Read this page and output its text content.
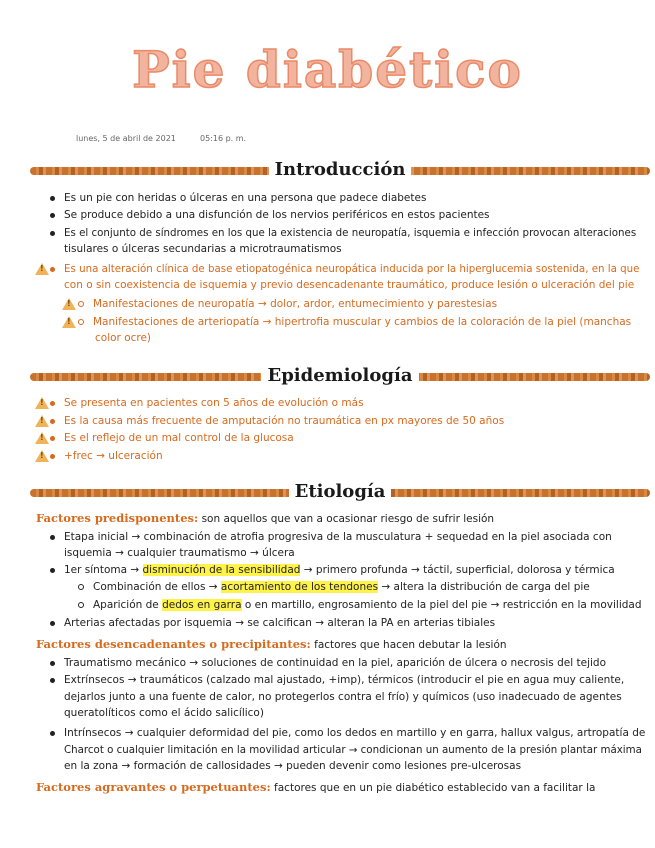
Pie diabético
lunes, 5 de abril de 2021	05:16 p. m.
Introducción
Es un pie con heridas o úlceras en una persona que padece diabetes
Se produce debido a una disfunción de los nervios periféricos en estos pacientes
Es el conjunto de síndromes en los que la existencia de neuropatía, isquemia e infección provocan alteraciones
tisulares o úlceras secundarias a microtraumatismos
!
Es una alteración clínica de base etiopatogénica neuropática inducida por la hiperglucemia sostenida, en la que
con o sin coexistencia de isquemia y previo desencadenante traumático, produce lesión o ulceración del pie
!
Manifestaciones de neuropatía → dolor, ardor, entumecimiento y parestesias
!
Manifestaciones de arteriopatía → hipertrofia muscular y cambios de la coloración de la piel (manchas
color ocre)
Epidemiología
!
Se presenta en pacientes con 5 años de evolución o más
!
Es la causa más frecuente de amputación no traumática en px mayores de 50 años
!
Es el reflejo de un mal control de la glucosa
!
+frec → ulceración
Etiología
Factores predisponentes: son aquellos que van a ocasionar riesgo de sufrir lesión
Etapa inicial → combinación de atrofia progresiva de la musculatura + sequedad en la piel asociada con
isquemia → cualquier traumatismo → úlcera
1er síntoma → disminución de la sensibilidad → primero profunda → táctil, superficial, dolorosa y térmica
Combinación de ellos → acortamiento de los tendones → altera la distribución de carga del pie
Aparición de dedos en garra o en martillo, engrosamiento de la piel del pie → restricción en la movilidad
Arterias afectadas por isquemia → se calcifican → alteran la PA en arterias tibiales
Factores desencadenantes o precipitantes: factores que hacen debutar la lesión
Traumatismo mecánico → soluciones de continuidad en la piel, aparición de úlcera o necrosis del tejido
Extrínsecos → traumáticos (calzado mal ajustado, +imp), térmicos (introducir el pie en agua muy caliente,
dejarlos junto a una fuente de calor, no protegerlos contra el frío) y químicos (uso inadecuado de agentes
queratolíticos como el ácido salicílico)
Intrínsecos → cualquier deformidad del pie, como los dedos en martillo y en garra, hallux valgus, artropatía de
Charcot o cualquier limitación en la movilidad articular → condicionan un aumento de la presión plantar máxima
en la zona → formación de callosidades → pueden devenir como lesiones pre-ulcerosas
Factores agravantes o perpetuantes: factores que en un pie diabético establecido van a facilitar la
